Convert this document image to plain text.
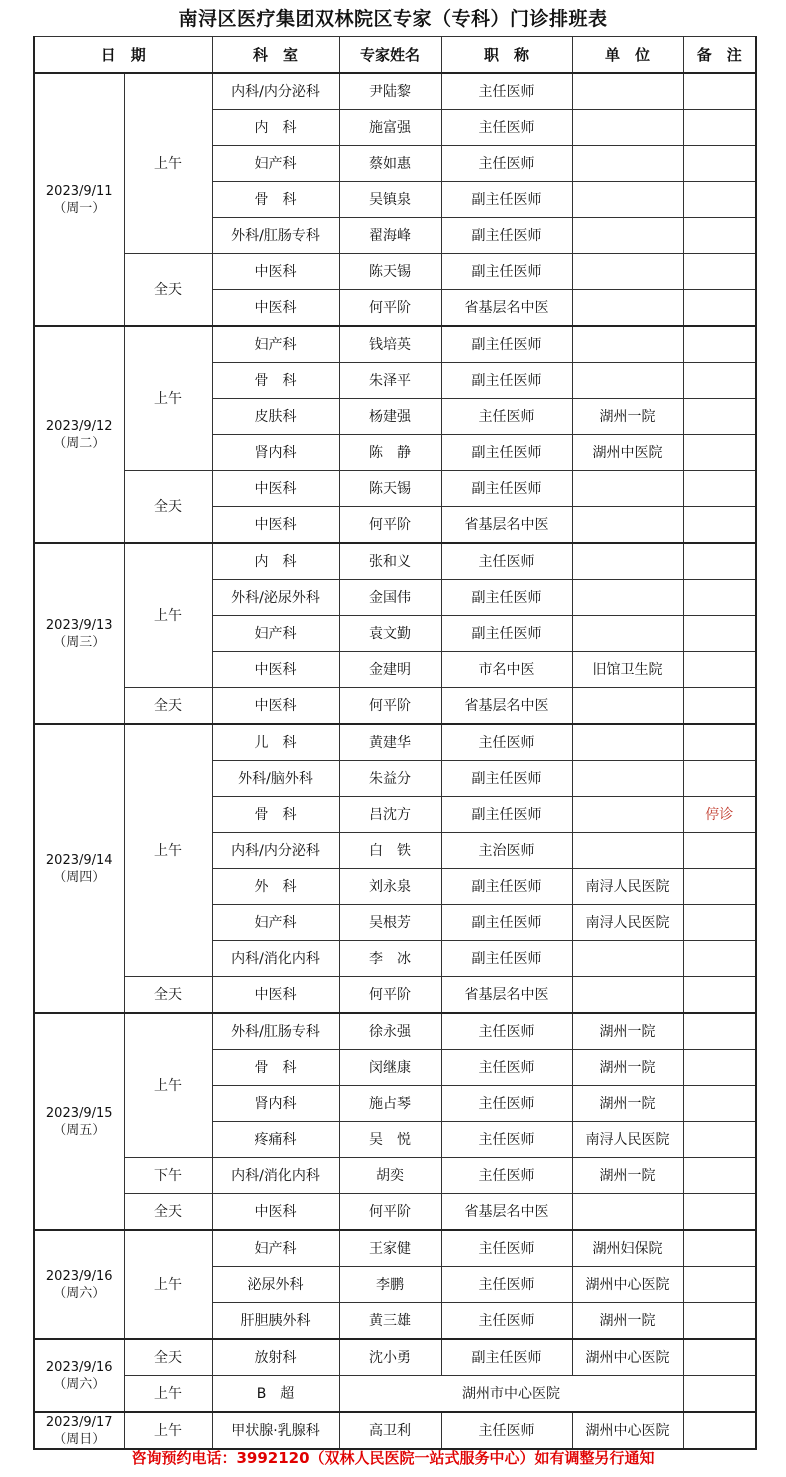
南浔区医疗集团双林院区专家（专科）门诊排班表
日　期		科　室	专家姓名	职　称	单　位	备　注

2023/9/11
（周一）	上午	内科/内分泌科	尹陆黎	主任医师		
		内　科	施富强	主任医师		
		妇产科	蔡如惠	主任医师		
		骨　科	吴镇泉	副主任医师		
		外科/肛肠专科	翟海峰	副主任医师		
	全天	中医科	陈天锡	副主任医师		
		中医科	何平阶	省基层名中医		

2023/9/12
（周二）	上午	妇产科	钱培英	副主任医师		
		骨　科	朱泽平	副主任医师		
		皮肤科	杨建强	主任医师	湖州一院	
		肾内科	陈　静	副主任医师	湖州中医院	
	全天	中医科	陈天锡	副主任医师		
		中医科	何平阶	省基层名中医		

2023/9/13
（周三）	上午	内　科	张和义	主任医师		
		外科/泌尿外科	金国伟	副主任医师		
		妇产科	袁文勤	副主任医师		
		中医科	金建明	市名中医	旧馆卫生院	
	全天	中医科	何平阶	省基层名中医		

2023/9/14
（周四）	上午	儿　科	黄建华	主任医师		
		外科/脑外科	朱益分	副主任医师		
		骨　科	吕沈方	副主任医师		停诊
		内科/内分泌科	白　铁	主治医师		
		外　科	刘永泉	副主任医师	南浔人民医院	
		妇产科	吴根芳	副主任医师	南浔人民医院	
		内科/消化内科	李　冰	副主任医师		
	全天	中医科	何平阶	省基层名中医		

2023/9/15
（周五）	上午	外科/肛肠专科	徐永强	主任医师	湖州一院	
		骨　科	闵继康	主任医师	湖州一院	
		肾内科	施占琴	主任医师	湖州一院	
		疼痛科	吴　悦	主任医师	南浔人民医院	
	下午	内科/消化内科	胡奕	主任医师	湖州一院	
	全天	中医科	何平阶	省基层名中医		

2023/9/16
（周六）	上午	妇产科	王家健	主任医师	湖州妇保院	
		泌尿外科	李鹏	主任医师	湖州中心医院	
		肝胆胰外科	黄三雄	主任医师	湖州一院	

2023/9/16
（周六）	全天	放射科	沈小勇	副主任医师	湖州中心医院	
	上午	B　超	湖州市中心医院			

2023/9/17
（周日）	上午	甲状腺·乳腺科	高卫利	主任医师	湖州中心医院	
咨询预约电话：3992120（双林人民医院一站式服务中心）如有调整另行通知
